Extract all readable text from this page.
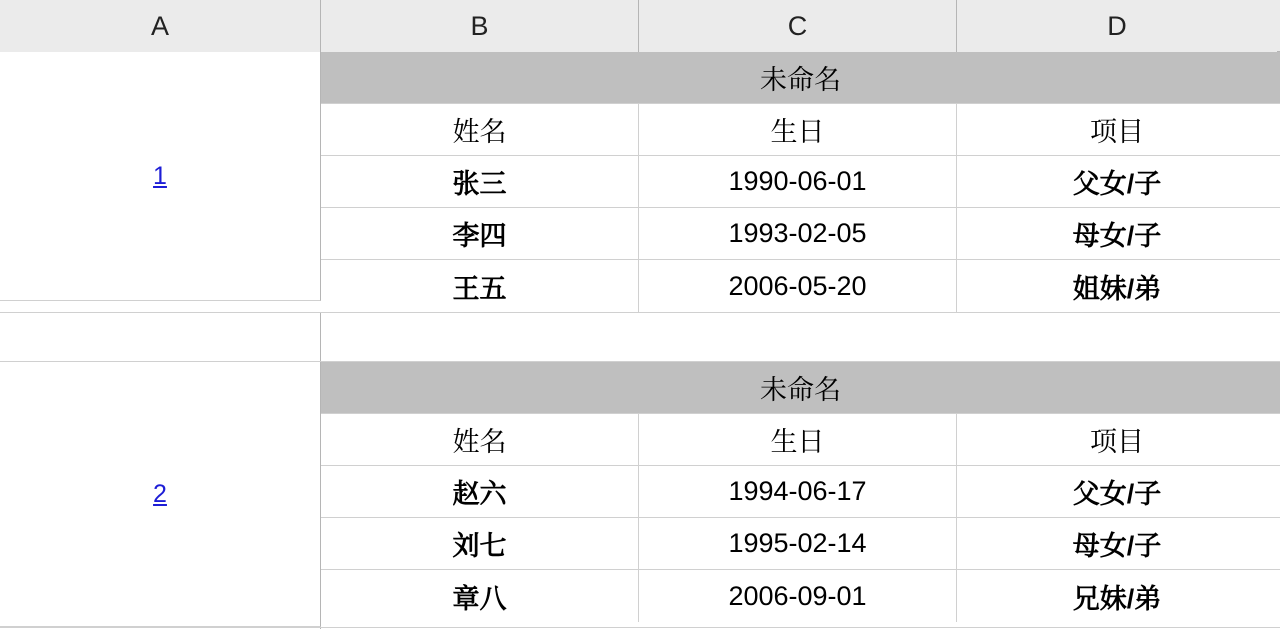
A	B	C	D
1
未命名
姓名	生日	项目
张三	1990-06-01	父女/子
李四	1993-02-05	母女/子
王五	2006-05-20	姐妹/弟
2
未命名
姓名	生日	项目
赵六	1994-06-17	父女/子
刘七	1995-02-14	母女/子
章八	2006-09-01	兄妹/弟
